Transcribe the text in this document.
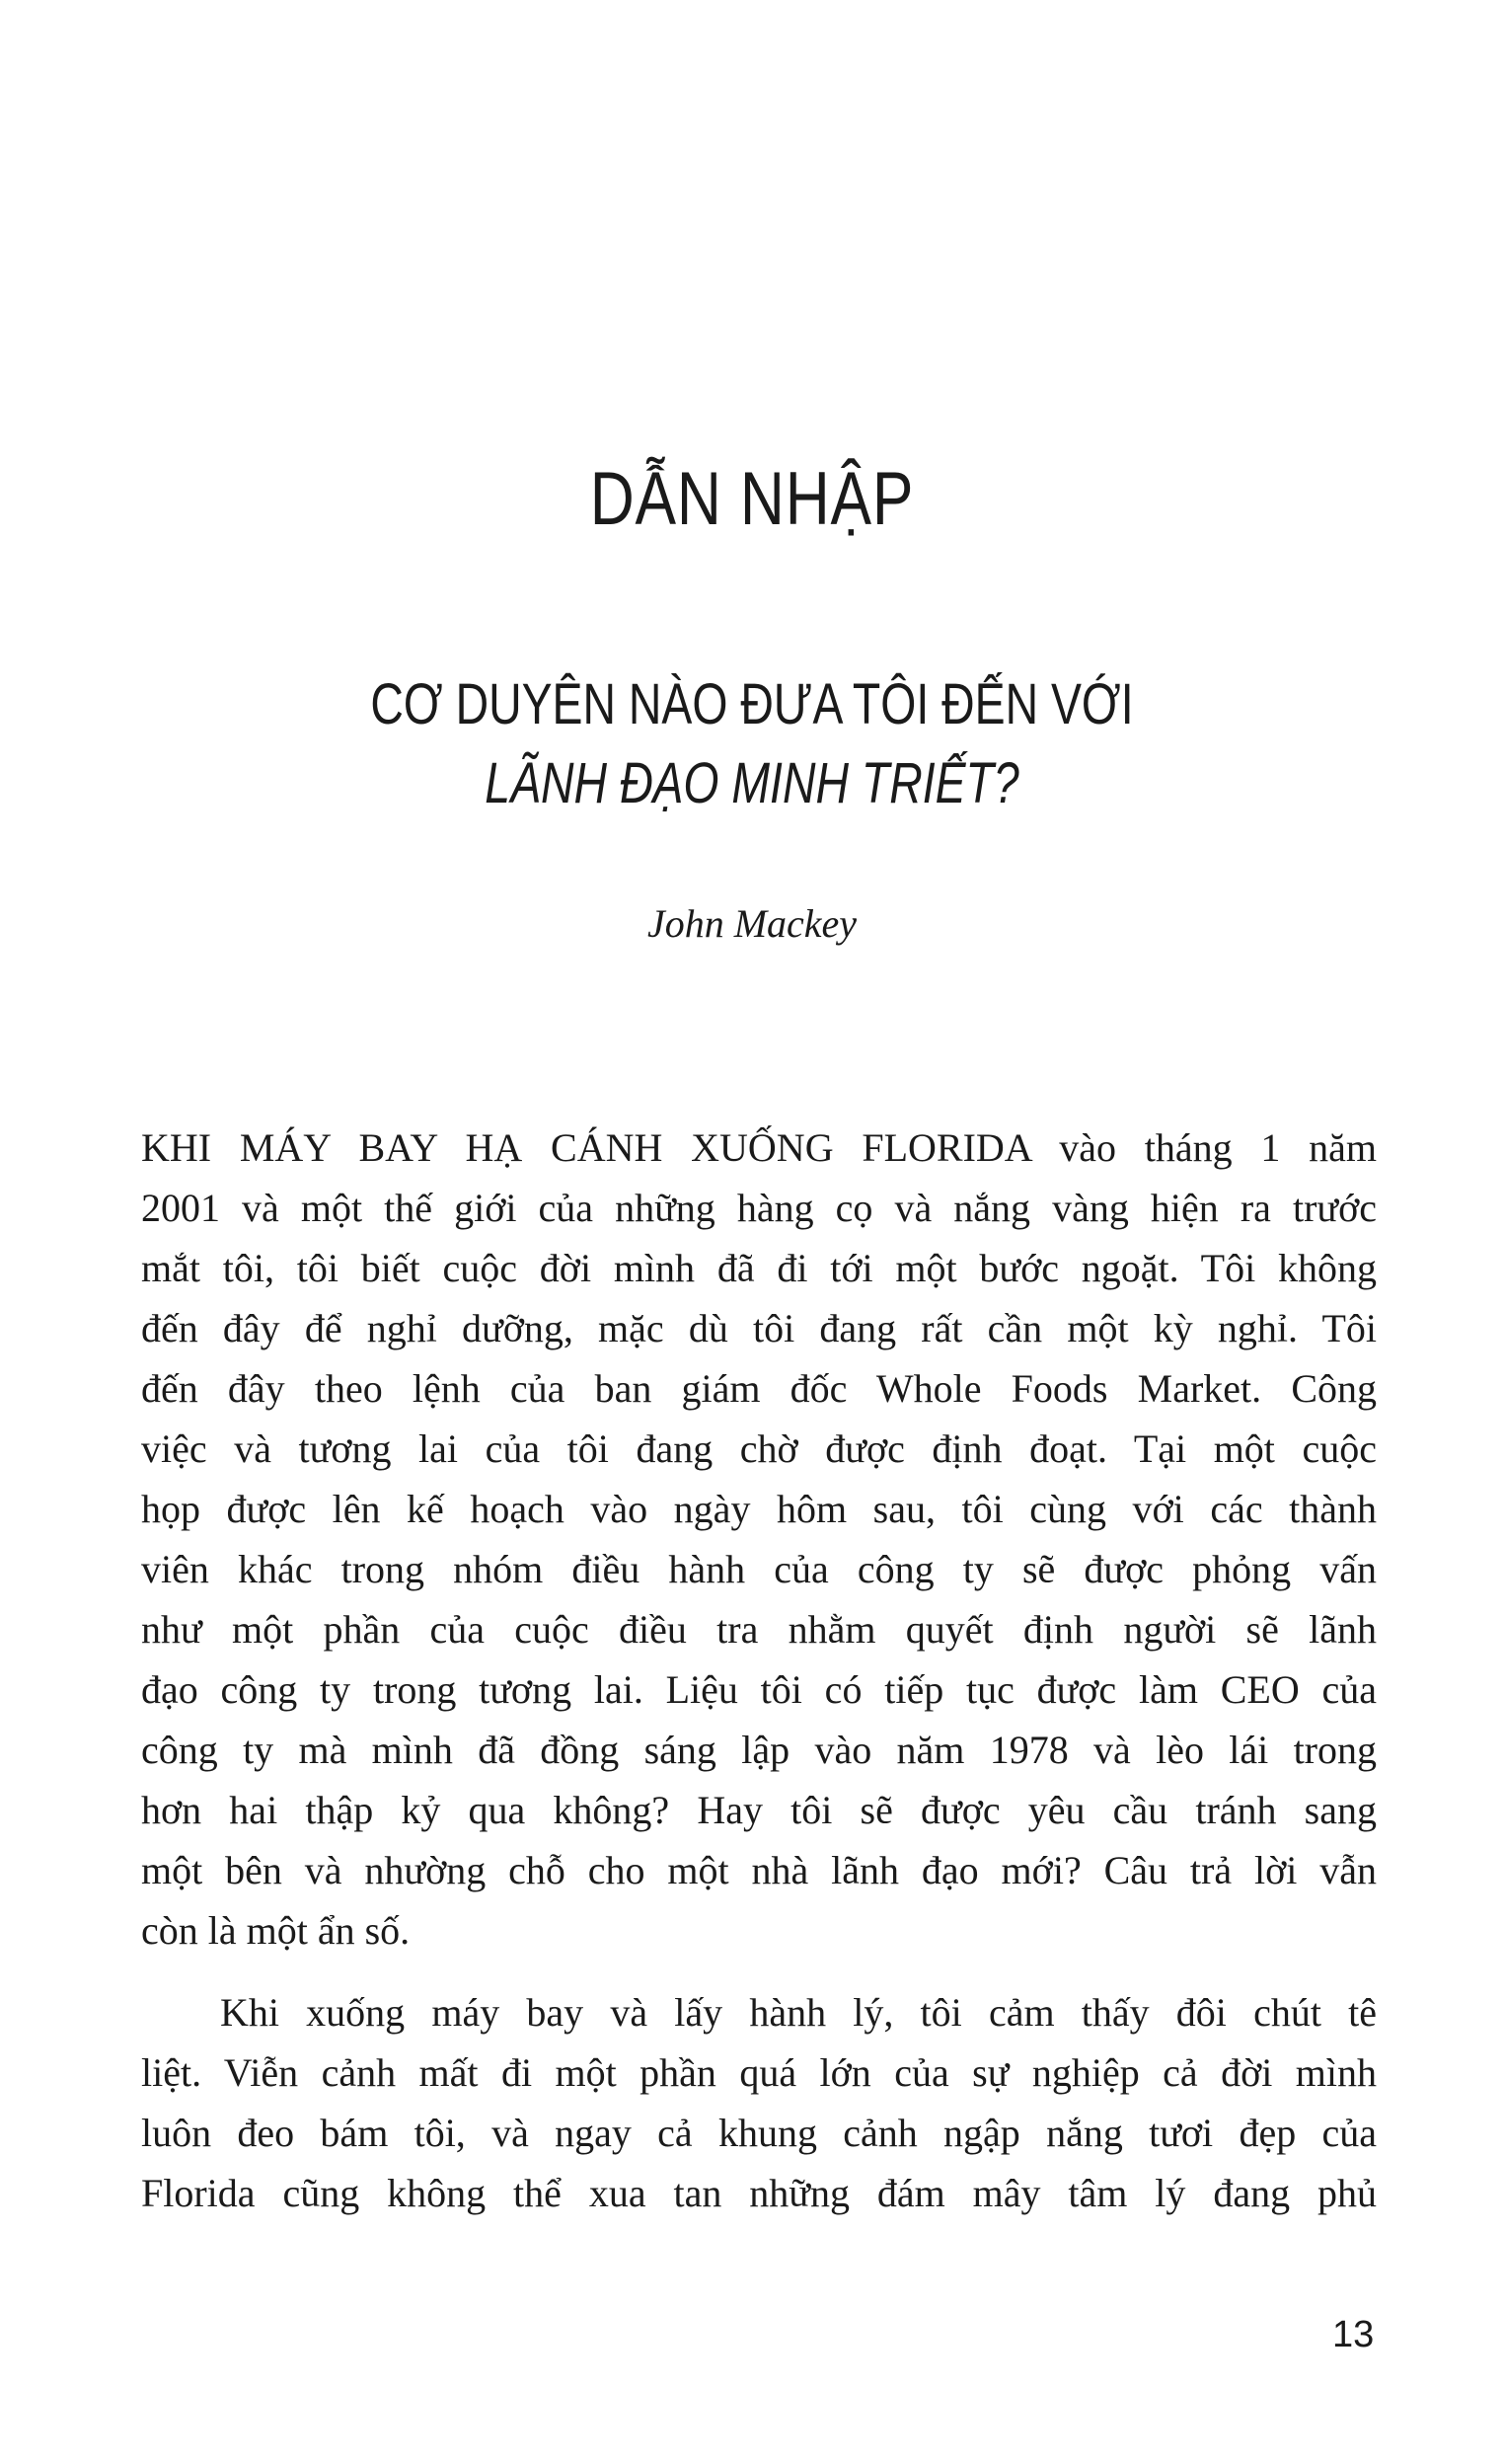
DẪN NHẬP
CƠ DUYÊN NÀO ĐƯA TÔI ĐẾN VỚI
LÃNH ĐẠO MINH TRIẾT?
John Mackey
KHI MÁY BAY HẠ CÁNH XUỐNG FLORIDA vào tháng 1 năm
2001 và một thế giới của những hàng cọ và nắng vàng hiện ra trước
mắt tôi, tôi biết cuộc đời mình đã đi tới một bước ngoặt. Tôi không
đến đây để nghỉ dưỡng, mặc dù tôi đang rất cần một kỳ nghỉ. Tôi
đến đây theo lệnh của ban giám đốc Whole Foods Market. Công
việc và tương lai của tôi đang chờ được định đoạt. Tại một cuộc
họp được lên kế hoạch vào ngày hôm sau, tôi cùng với các thành
viên khác trong nhóm điều hành của công ty sẽ được phỏng vấn
như một phần của cuộc điều tra nhằm quyết định người sẽ lãnh
đạo công ty trong tương lai. Liệu tôi có tiếp tục được làm CEO của
công ty mà mình đã đồng sáng lập vào năm 1978 và lèo lái trong
hơn hai thập kỷ qua không? Hay tôi sẽ được yêu cầu tránh sang
một bên và nhường chỗ cho một nhà lãnh đạo mới? Câu trả lời vẫn
còn là một ẩn số.
Khi xuống máy bay và lấy hành lý, tôi cảm thấy đôi chút tê
liệt. Viễn cảnh mất đi một phần quá lớn của sự nghiệp cả đời mình
luôn đeo bám tôi, và ngay cả khung cảnh ngập nắng tươi đẹp của
Florida cũng không thể xua tan những đám mây tâm lý đang phủ
13
